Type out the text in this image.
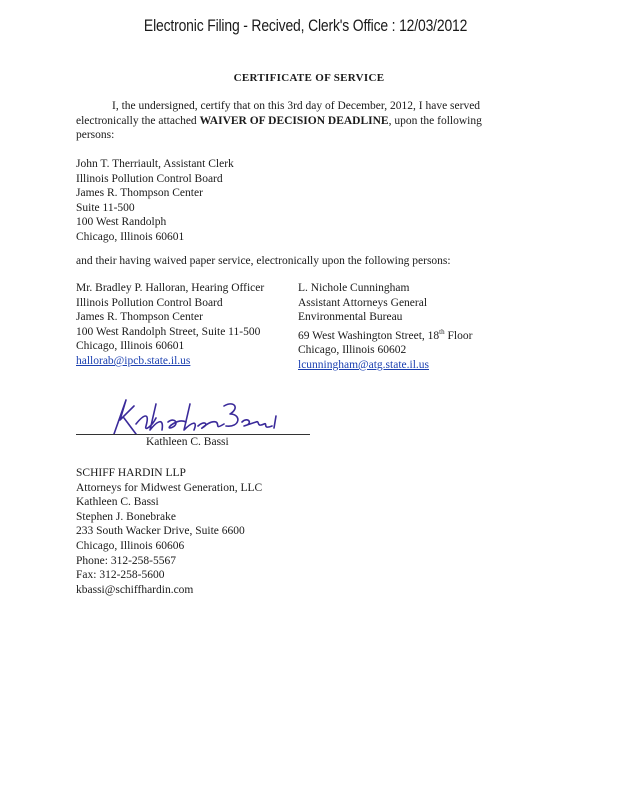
Electronic Filing - Recived, Clerk's Office : 12/03/2012
CERTIFICATE OF SERVICE
I, the undersigned, certify that on this 3rd day of December, 2012, I have served electronically the attached WAIVER OF DECISION DEADLINE, upon the following persons:
John T. Therriault, Assistant Clerk
Illinois Pollution Control Board
James R. Thompson Center
Suite 11-500
100 West Randolph
Chicago, Illinois 60601
and their having waived paper service, electronically upon the following persons:
Mr. Bradley P. Halloran, Hearing Officer
Illinois Pollution Control Board
James R. Thompson Center
100 West Randolph Street, Suite 11-500
Chicago, Illinois 60601
hallorab@ipcb.state.il.us
L. Nichole Cunningham
Assistant Attorneys General
Environmental Bureau
69 West Washington Street, 18th Floor
Chicago, Illinois 60602
lcunningham@atg.state.il.us
Kathleen C. Bassi
SCHIFF HARDIN LLP
Attorneys for Midwest Generation, LLC
Kathleen C. Bassi
Stephen J. Bonebrake
233 South Wacker Drive, Suite 6600
Chicago, Illinois 60606
Phone: 312-258-5567
Fax: 312-258-5600
kbassi@schiffhardin.com
